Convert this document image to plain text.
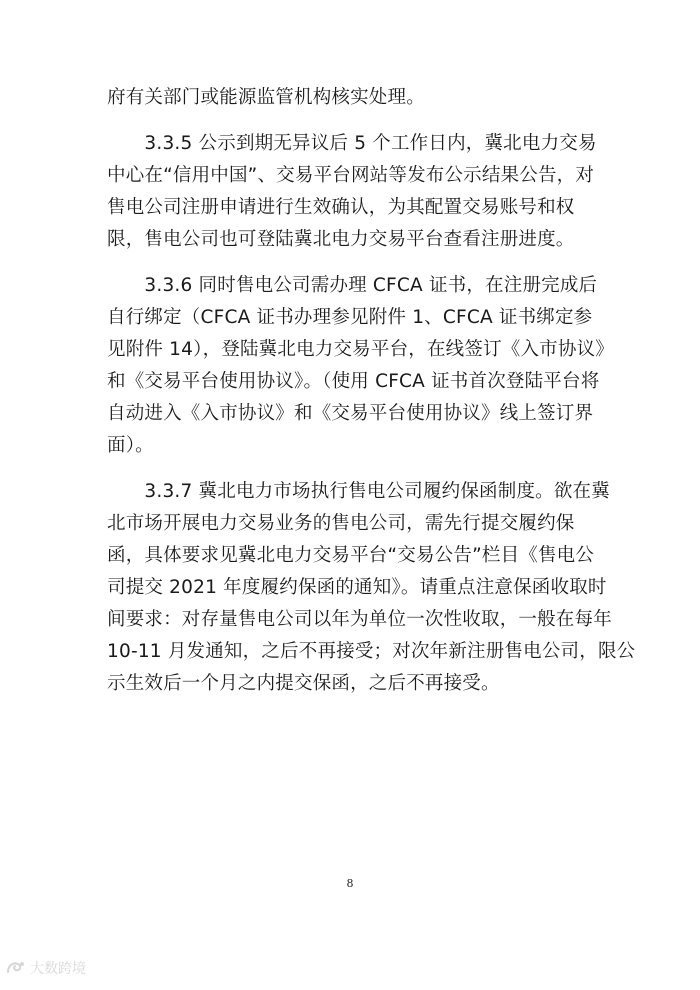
府有关部门或能源监管机构核实处理。
　　3.3.5 公示到期无异议后 5 个工作日内，冀北电力交易
中心在“信用中国”、交易平台网站等发布公示结果公告，对
售电公司注册申请进行生效确认，为其配置交易账号和权
限，售电公司也可登陆冀北电力交易平台查看注册进度。
　　3.3.6 同时售电公司需办理 CFCA 证书，在注册完成后
自行绑定（CFCA 证书办理参见附件 1、CFCA 证书绑定参
见附件 14），登陆冀北电力交易平台，在线签订《入市协议》
和《交易平台使用协议》。（使用 CFCA 证书首次登陆平台将
自动进入《入市协议》和《交易平台使用协议》线上签订界
面）。
　　3.3.7 冀北电力市场执行售电公司履约保函制度。欲在冀
北市场开展电力交易业务的售电公司，需先行提交履约保
函，具体要求见冀北电力交易平台“交易公告”栏目《售电公
司提交 2021 年度履约保函的通知》。请重点注意保函收取时
间要求：对存量售电公司以年为单位一次性收取，一般在每年
10-11 月发通知，之后不再接受；对次年新注册售电公司，限公
示生效后一个月之内提交保函，之后不再接受。
8
大数跨境
